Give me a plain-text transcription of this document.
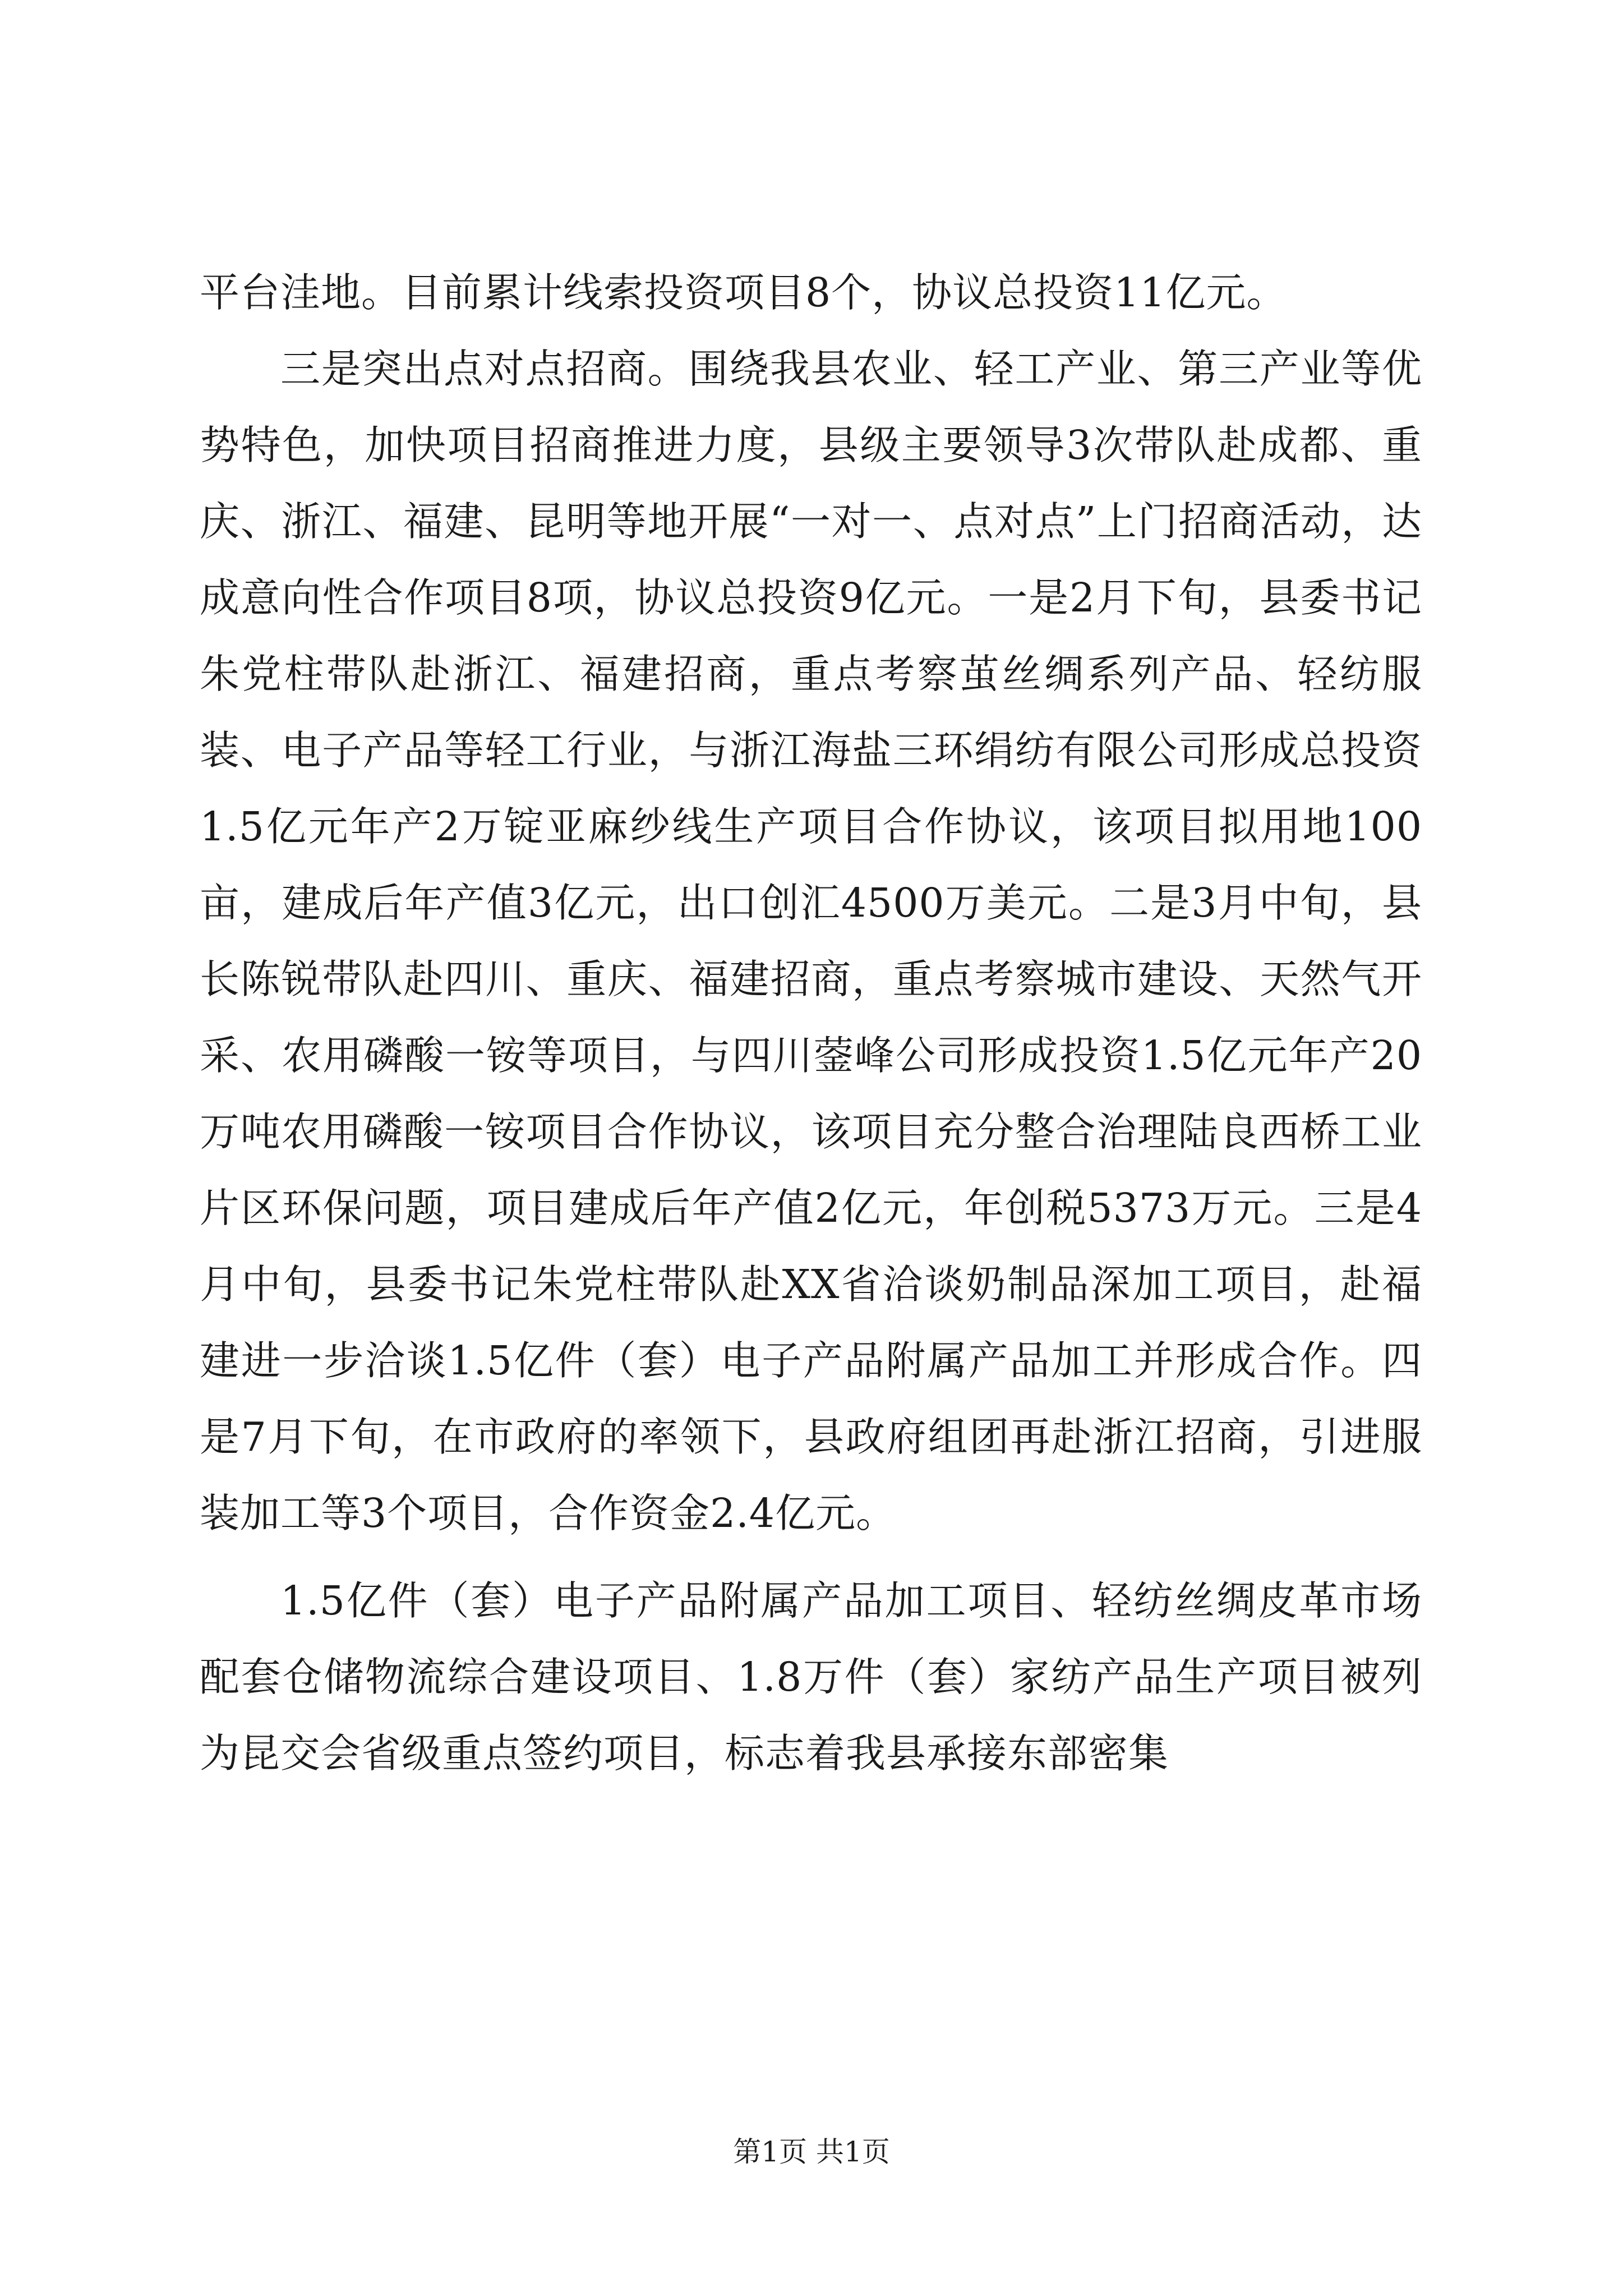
平台洼地。目前累计线索投资项目8个，协议总投资11亿元。

三是突出点对点招商。围绕我县农业、轻工产业、第三产业等优势特色，加快项目招商推进力度，县级主要领导3次带队赴成都、重庆、浙江、福建、昆明等地开展“一对一、点对点”上门招商活动，达成意向性合作项目8项，协议总投资9亿元。一是2月下旬，县委书记朱党柱带队赴浙江、福建招商，重点考察茧丝绸系列产品、轻纺服装、电子产品等轻工行业，与浙江海盐三环绢纺有限公司形成总投资1.5亿元年产2万锭亚麻纱线生产项目合作协议，该项目拟用地100亩，建成后年产值3亿元，出口创汇4500万美元。二是3月中旬，县长陈锐带队赴四川、重庆、福建招商，重点考察城市建设、天然气开采、农用磷酸一铵等项目，与四川蓥峰公司形成投资1.5亿元年产20万吨农用磷酸一铵项目合作协议，该项目充分整合治理陆良西桥工业片区环保问题，项目建成后年产值2亿元，年创税5373万元。三是4月中旬，县委书记朱党柱带队赴XX省洽谈奶制品深加工项目，赴福建进一步洽谈1.5亿件（套）电子产品附属产品加工并形成合作。四是7月下旬，在市政府的率领下，县政府组团再赴浙江招商，引进服装加工等3个项目，合作资金2.4亿元。

1.5亿件（套）电子产品附属产品加工项目、轻纺丝绸皮革市场配套仓储物流综合建设项目、1.8万件（套）家纺产品生产项目被列为昆交会省级重点签约项目，标志着我县承接东部密集

第1页 共1页
